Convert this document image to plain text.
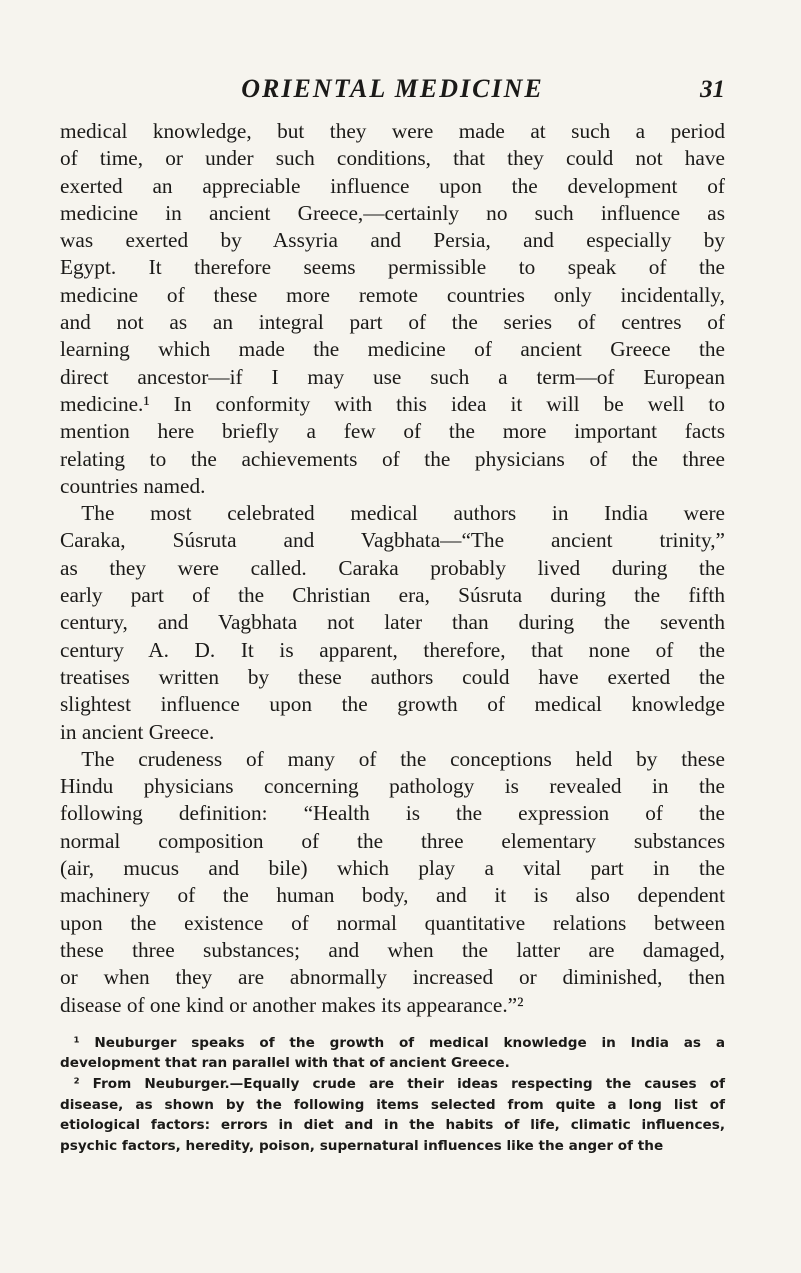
ORIENTAL MEDICINE	31
medical knowledge, but they were made at such a period
of time, or under such conditions, that they could not have
exerted an appreciable influence upon the development of
medicine in ancient Greece,—certainly no such influence as
was exerted by Assyria and Persia, and especially by
Egypt. It therefore seems permissible to speak of the
medicine of these more remote countries only incidentally,
and not as an integral part of the series of centres of
learning which made the medicine of ancient Greece the
direct ancestor—if I may use such a term—of European
medicine.¹ In conformity with this idea it will be well to
mention here briefly a few of the more important facts
relating to the achievements of the physicians of the three
countries named.
The most celebrated medical authors in India were
Caraka, Súsruta and Vagbhata—“The ancient trinity,”
as they were called. Caraka probably lived during the
early part of the Christian era, Súsruta during the fifth
century, and Vagbhata not later than during the seventh
century A. D. It is apparent, therefore, that none of the
treatises written by these authors could have exerted the
slightest influence upon the growth of medical knowledge
in ancient Greece.
The crudeness of many of the conceptions held by these
Hindu physicians concerning pathology is revealed in the
following definition: “Health is the expression of the
normal composition of the three elementary substances
(air, mucus and bile) which play a vital part in the
machinery of the human body, and it is also dependent
upon the existence of normal quantitative relations between
these three substances; and when the latter are damaged,
or when they are abnormally increased or diminished, then
disease of one kind or another makes its appearance.”²
¹ Neuburger speaks of the growth of medical knowledge in India as a
development that ran parallel with that of ancient Greece.
² From Neuburger.—Equally crude are their ideas respecting the causes of
disease, as shown by the following items selected from quite a long list of
etiological factors: errors in diet and in the habits of life, climatic influences,
psychic factors, heredity, poison, supernatural influences like the anger of the
